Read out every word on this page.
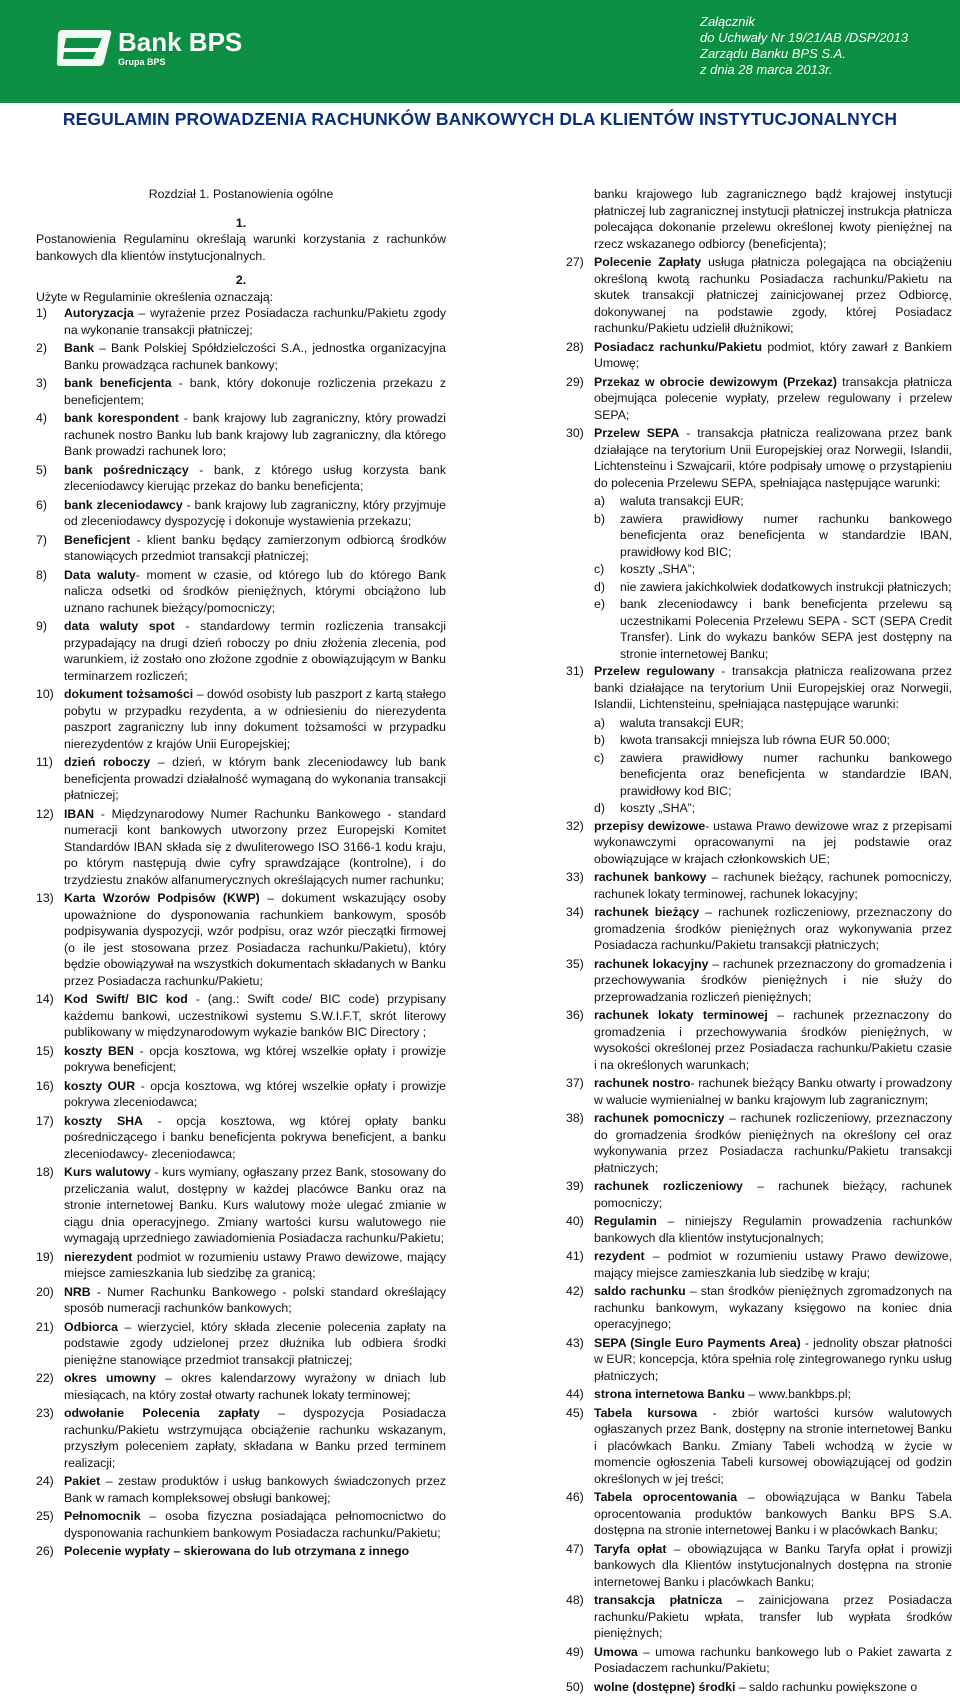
Bank BPS
Grupa BPS
Załącznik
do Uchwały Nr 19/21/AB /DSP/2013
Zarządu Banku BPS S.A.
z dnia 28 marca 2013r.
REGULAMIN PROWADZENIA RACHUNKÓW BANKOWYCH DLA KLIENTÓW INSTYTUCJONALNYCH
Rozdział 1. Postanowienia ogólne
1.
Postanowienia Regulaminu określają warunki korzystania z rachunków bankowych dla klientów instytucjonalnych.
2.
Użyte w Regulaminie określenia oznaczają:
1) Autoryzacja – wyrażenie przez Posiadacza rachunku/Pakietu zgody na wykonanie transakcji płatniczej;
2) Bank – Bank Polskiej Spółdzielczości S.A., jednostka organizacyjna Banku prowadząca rachunek bankowy;
3) bank beneficjenta - bank, który dokonuje rozliczenia przekazu z beneficjentem;
4) bank korespondent - bank krajowy lub zagraniczny, który prowadzi rachunek nostro Banku lub bank krajowy lub zagraniczny, dla którego Bank prowadzi rachunek loro;
5) bank pośredniczący - bank, z którego usług korzysta bank zleceniodawcy kierując przekaz do banku beneficjenta;
6) bank zleceniodawcy - bank krajowy lub zagraniczny, który przyjmuje od zleceniodawcy dyspozycję i dokonuje wystawienia przekazu;
7) Beneficjent - klient banku będący zamierzonym odbiorcą środków stanowiących przedmiot transakcji płatniczej;
8) Data waluty- moment w czasie, od którego lub do którego Bank nalicza odsetki od środków pieniężnych, którymi obciążono lub uznano rachunek bieżący/pomocniczy;
9) data waluty spot - standardowy termin rozliczenia transakcji przypadający na drugi dzień roboczy po dniu złożenia zlecenia, pod warunkiem, iż zostało ono złożone zgodnie z obowiązującym w Banku terminarzem rozliczeń;
10) dokument tożsamości – dowód osobisty lub paszport z kartą stałego pobytu w przypadku rezydenta, a w odniesieniu do nierezydenta paszport zagraniczny lub inny dokument tożsamości w przypadku nierezydentów z krajów Unii Europejskiej;
11) dzień roboczy – dzień, w którym bank zleceniodawcy lub bank beneficjenta prowadzi działalność wymaganą do wykonania transakcji płatniczej;
12) IBAN - Międzynarodowy Numer Rachunku Bankowego - standard numeracji kont bankowych utworzony przez Europejski Komitet Standardów IBAN składa się z dwuliterowego ISO 3166-1 kodu kraju, po którym następują dwie cyfry sprawdzające (kontrolne), i do trzydziestu znaków alfanumerycznych określających numer rachunku;
13) Karta Wzorów Podpisów (KWP) – dokument wskazujący osoby upoważnione do dysponowania rachunkiem bankowym, sposób podpisywania dyspozycji, wzór podpisu, oraz wzór pieczątki firmowej (o ile jest stosowana przez Posiadacza rachunku/Pakietu), który będzie obowiązywał na wszystkich dokumentach składanych w Banku przez Posiadacza rachunku/Pakietu;
14) Kod Swift/ BIC kod - (ang.: Swift code/ BIC code) przypisany każdemu bankowi, uczestnikowi systemu S.W.I.F.T, skrót literowy publikowany w międzynarodowym wykazie banków BIC Directory ;
15) koszty BEN - opcja kosztowa, wg której wszelkie opłaty i prowizje pokrywa beneficjent;
16) koszty OUR - opcja kosztowa, wg której wszelkie opłaty i prowizje pokrywa zleceniodawca;
17) koszty SHA - opcja kosztowa, wg której opłaty banku pośredniczącego i banku beneficjenta pokrywa beneficjent, a banku zleceniodawcy- zleceniodawca;
18) Kurs walutowy - kurs wymiany, ogłaszany przez Bank, stosowany do przeliczania walut, dostępny w każdej placówce Banku oraz na stronie internetowej Banku. Kurs walutowy może ulegać zmianie w ciągu dnia operacyjnego. Zmiany wartości kursu walutowego nie wymagają uprzedniego zawiadomienia Posiadacza rachunku/Pakietu;
19) nierezydent podmiot w rozumieniu ustawy Prawo dewizowe, mający miejsce zamieszkania lub siedzibę za granicą;
20) NRB - Numer Rachunku Bankowego - polski standard określający sposób numeracji rachunków bankowych;
21) Odbiorca – wierzyciel, który składa zlecenie polecenia zapłaty na podstawie zgody udzielonej przez dłużnika lub odbiera środki pieniężne stanowiące przedmiot transakcji płatniczej;
22) okres umowny – okres kalendarzowy wyrażony w dniach lub miesiącach, na który został otwarty rachunek lokaty terminowej;
23) odwołanie Polecenia zapłaty – dyspozycja Posiadacza rachunku/Pakietu wstrzymująca obciążenie rachunku wskazanym, przyszłym poleceniem zapłaty, składana w Banku przed terminem realizacji;
24) Pakiet – zestaw produktów i usług bankowych świadczonych przez Bank w ramach kompleksowej obsługi bankowej;
25) Pełnomocnik – osoba fizyczna posiadająca pełnomocnictwo do dysponowania rachunkiem bankowym Posiadacza rachunku/Pakietu;
26) Polecenie wypłaty – skierowana do lub otrzymana z innego
banku krajowego lub zagranicznego bądź krajowej instytucji płatniczej lub zagranicznej instytucji płatniczej instrukcja płatnicza polecająca dokonanie przelewu określonej kwoty pieniężnej na rzecz wskazanego odbiorcy (beneficjenta);
27) Polecenie Zapłaty usługa płatnicza polegająca na obciążeniu określoną kwotą rachunku Posiadacza rachunku/Pakietu na skutek transakcji płatniczej zainicjowanej przez Odbiorcę, dokonywanej na podstawie zgody, której Posiadacz rachunku/Pakietu udzielił dłużnikowi;
28) Posiadacz rachunku/Pakietu podmiot, który zawarł z Bankiem Umowę;
29) Przekaz w obrocie dewizowym (Przekaz) transakcja płatnicza obejmująca polecenie wypłaty, przelew regulowany i przelew SEPA;
30) Przelew SEPA - transakcja płatnicza realizowana przez bank działające na terytorium Unii Europejskiej oraz Norwegii, Islandii, Lichtensteinu i Szwajcarii, które podpisały umowę o przystąpieniu do polecenia Przelewu SEPA, spełniająca następujące warunki:
a) waluta transakcji EUR;
b) zawiera prawidłowy numer rachunku bankowego beneficjenta oraz beneficjenta w standardzie IBAN, prawidłowy kod BIC;
c) koszty „SHA”;
d) nie zawiera jakichkolwiek dodatkowych instrukcji płatniczych;
e) bank zleceniodawcy i bank beneficjenta przelewu są uczestnikami Polecenia Przelewu SEPA - SCT (SEPA Credit Transfer). Link do wykazu banków SEPA jest dostępny na stronie internetowej Banku;
31) Przelew regulowany - transakcja płatnicza realizowana przez banki działające na terytorium Unii Europejskiej oraz Norwegii, Islandii, Lichtensteinu, spełniająca następujące warunki:
a) waluta transakcji EUR;
b) kwota transakcji mniejsza lub równa EUR 50.000;
c) zawiera prawidłowy numer rachunku bankowego beneficjenta oraz beneficjenta w standardzie IBAN, prawidłowy kod BIC;
d) koszty „SHA”;
32) przepisy dewizowe- ustawa Prawo dewizowe wraz z przepisami wykonawczymi opracowanymi na jej podstawie oraz obowiązujące w krajach członkowskich UE;
33) rachunek bankowy – rachunek bieżący, rachunek pomocniczy, rachunek lokaty terminowej, rachunek lokacyjny;
34) rachunek bieżący – rachunek rozliczeniowy, przeznaczony do gromadzenia środków pieniężnych oraz wykonywania przez Posiadacza rachunku/Pakietu transakcji płatniczych;
35) rachunek lokacyjny – rachunek przeznaczony do gromadzenia i przechowywania środków pieniężnych i nie służy do przeprowadzania rozliczeń pieniężnych;
36) rachunek lokaty terminowej – rachunek przeznaczony do gromadzenia i przechowywania środków pieniężnych, w wysokości określonej przez Posiadacza rachunku/Pakietu czasie i na określonych warunkach;
37) rachunek nostro- rachunek bieżący Banku otwarty i prowadzony w walucie wymienialnej w banku krajowym lub zagranicznym;
38) rachunek pomocniczy – rachunek rozliczeniowy, przeznaczony do gromadzenia środków pieniężnych na określony cel oraz wykonywania przez Posiadacza rachunku/Pakietu transakcji płatniczych;
39) rachunek rozliczeniowy – rachunek bieżący, rachunek pomocniczy;
40) Regulamin – niniejszy Regulamin prowadzenia rachunków bankowych dla klientów instytucjonalnych;
41) rezydent – podmiot w rozumieniu ustawy Prawo dewizowe, mający miejsce zamieszkania lub siedzibę w kraju;
42) saldo rachunku – stan środków pieniężnych zgromadzonych na rachunku bankowym, wykazany księgowo na koniec dnia operacyjnego;
43) SEPA (Single Euro Payments Area) - jednolity obszar płatności w EUR; koncepcja, która spełnia rolę zintegrowanego rynku usług płatniczych;
44) strona internetowa Banku – www.bankbps.pl;
45) Tabela kursowa - zbiór wartości kursów walutowych ogłaszanych przez Bank, dostępny na stronie internetowej Banku i placówkach Banku. Zmiany Tabeli wchodzą w życie w momencie ogłoszenia Tabeli kursowej obowiązującej od godzin określonych w jej treści;
46) Tabela oprocentowania – obowiązująca w Banku Tabela oprocentowania produktów bankowych Banku BPS S.A. dostępna na stronie internetowej Banku i w placówkach Banku;
47) Taryfa opłat – obowiązująca w Banku Taryfa opłat i prowizji bankowych dla Klientów instytucjonalnych dostępna na stronie internetowej Banku i placówkach Banku;
48) transakcja płatnicza – zainicjowana przez Posiadacza rachunku/Pakietu wpłata, transfer lub wypłata środków pieniężnych;
49) Umowa – umowa rachunku bankowego lub o Pakiet zawarta z Posiadaczem rachunku/Pakietu;
50) wolne (dostępne) środki – saldo rachunku powiększone o
